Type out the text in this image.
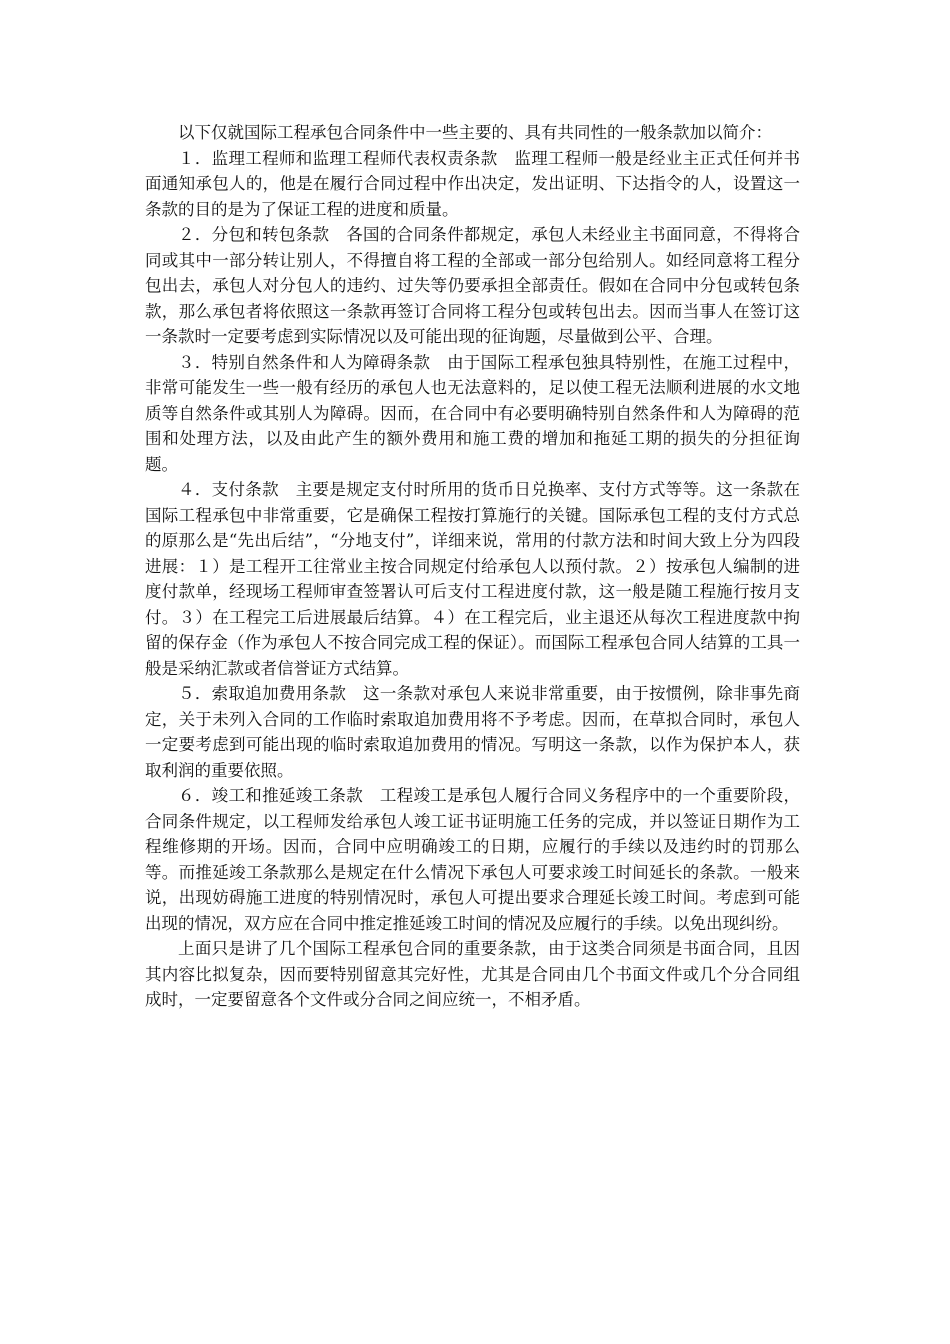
以下仅就国际工程承包合同条件中一些主要的、具有共同性的一般条款加以简介：

１．监理工程师和监理工程师代表权责条款　监理工程师一般是经业主正式任何并书面通知承包人的，他是在履行合同过程中作出决定，发出证明、下达指令的人，设置这一条款的目的是为了保证工程的进度和质量。

２．分包和转包条款　各国的合同条件都规定，承包人未经业主书面同意，不得将合同或其中一部分转让别人，不得擅自将工程的全部或一部分包给别人。如经同意将工程分包出去，承包人对分包人的违约、过失等仍要承担全部责任。假如在合同中分包或转包条款，那么承包者将依照这一条款再签订合同将工程分包或转包出去。因而当事人在签订这一条款时一定要考虑到实际情况以及可能出现的征询题，尽量做到公平、合理。

３．特别自然条件和人为障碍条款　由于国际工程承包独具特别性，在施工过程中，非常可能发生一些一般有经历的承包人也无法意料的，足以使工程无法顺利进展的水文地质等自然条件或其别人为障碍。因而，在合同中有必要明确特别自然条件和人为障碍的范围和处理方法，以及由此产生的额外费用和施工费的增加和拖延工期的损失的分担征询题。

４．支付条款　主要是规定支付时所用的货币日兑换率、支付方式等等。这一条款在国际工程承包中非常重要，它是确保工程按打算施行的关键。国际承包工程的支付方式总的原那么是“先出后结”，“分地支付”，详细来说，常用的付款方法和时间大致上分为四段进展：１）是工程开工往常业主按合同规定付给承包人以预付款。２）按承包人编制的进度付款单，经现场工程师审查签署认可后支付工程进度付款，这一般是随工程施行按月支付。３）在工程完工后进展最后结算。４）在工程完后，业主退还从每次工程进度款中拘留的保存金（作为承包人不按合同完成工程的保证）。而国际工程承包合同人结算的工具一般是采纳汇款或者信誉证方式结算。

５．索取追加费用条款　这一条款对承包人来说非常重要，由于按惯例，除非事先商定，关于未列入合同的工作临时索取追加费用将不予考虑。因而，在草拟合同时，承包人一定要考虑到可能出现的临时索取追加费用的情况。写明这一条款，以作为保护本人，获取利润的重要依照。

６．竣工和推延竣工条款　工程竣工是承包人履行合同义务程序中的一个重要阶段，合同条件规定，以工程师发给承包人竣工证书证明施工任务的完成，并以签证日期作为工程维修期的开场。因而，合同中应明确竣工的日期，应履行的手续以及违约时的罚那么等。而推延竣工条款那么是规定在什么情况下承包人可要求竣工时间延长的条款。一般来说，出现妨碍施工进度的特别情况时，承包人可提出要求合理延长竣工时间。考虑到可能出现的情况，双方应在合同中推定推延竣工时间的情况及应履行的手续。以免出现纠纷。

上面只是讲了几个国际工程承包合同的重要条款，由于这类合同须是书面合同，且因其内容比拟复杂，因而要特别留意其完好性，尤其是合同由几个书面文件或几个分合同组成时，一定要留意各个文件或分合同之间应统一，不相矛盾。
